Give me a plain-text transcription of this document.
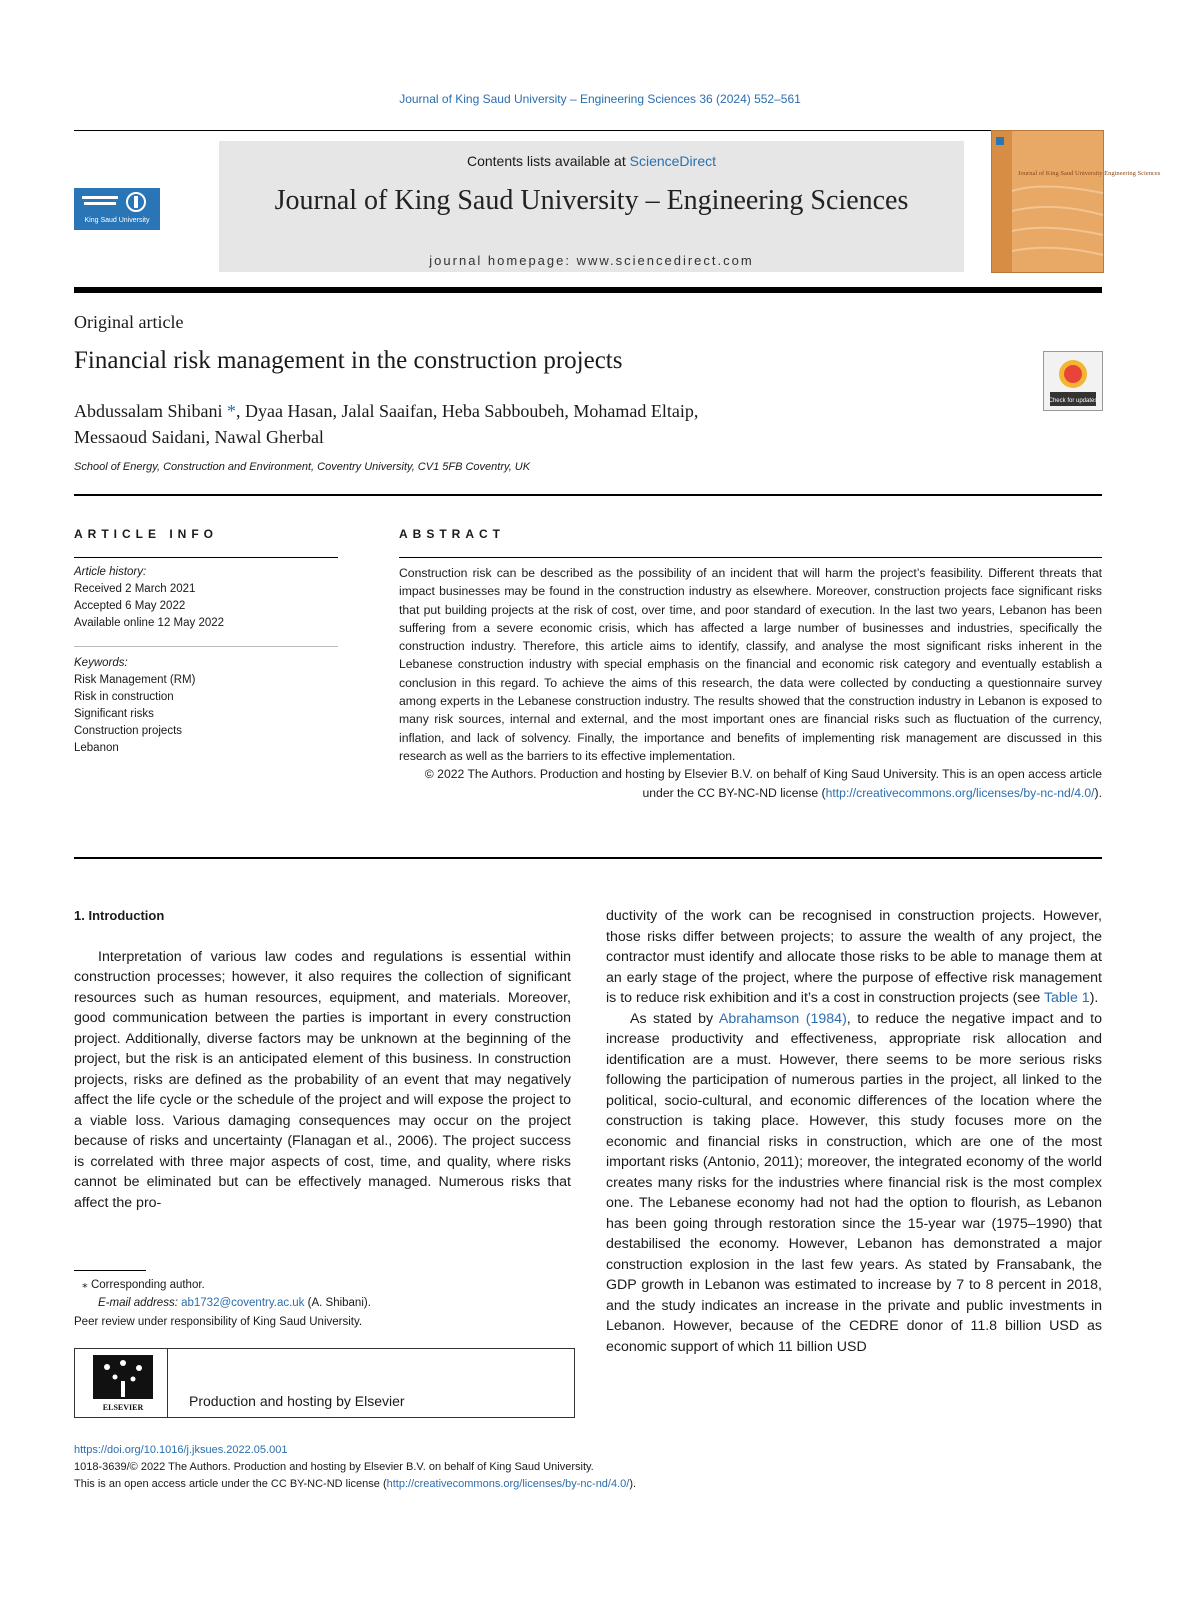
Journal of King Saud University – Engineering Sciences 36 (2024) 552–561
King Saud University
Contents lists available at ScienceDirect
Journal of King Saud University – Engineering Sciences
journal homepage: www.sciencedirect.com
Journal of King Saud University Engineering Sciences
Original article
Financial risk management in the construction projects
Check for updates
Abdussalam Shibani *, Dyaa Hasan, Jalal Saaifan, Heba Sabboubeh, Mohamad Eltaip,
Messaoud Saidani, Nawal Gherbal
School of Energy, Construction and Environment, Coventry University, CV1 5FB Coventry, UK
ARTICLE INFO
Article history:
Received 2 March 2021
Accepted 6 May 2022
Available online 12 May 2022
Keywords:
Risk Management (RM)
Risk in construction
Significant risks
Construction projects
Lebanon
ABSTRACT
Construction risk can be described as the possibility of an incident that will harm the project’s feasibility. Different threats that impact businesses may be found in the construction industry as elsewhere. Moreover, construction projects face significant risks that put building projects at the risk of cost, over time, and poor standard of execution. In the last two years, Lebanon has been suffering from a severe economic crisis, which has affected a large number of businesses and industries, specifically the construction industry. Therefore, this article aims to identify, classify, and analyse the most significant risks inherent in the Lebanese construction industry with special emphasis on the financial and economic risk category and eventually establish a conclusion in this regard. To achieve the aims of this research, the data were collected by conducting a questionnaire survey among experts in the Lebanese construction industry. The results showed that the construction industry in Lebanon is exposed to many risk sources, internal and external, and the most important ones are financial risks such as fluctuation of the currency, inflation, and lack of solvency. Finally, the importance and benefits of implementing risk management are discussed in this research as well as the barriers to its effective implementation.
© 2022 The Authors. Production and hosting by Elsevier B.V. on behalf of King Saud University. This is an open access article under the CC BY-NC-ND license (http://creativecommons.org/licenses/by-nc-nd/4.0/).

1. Introduction

Interpretation of various law codes and regulations is essential within construction processes; however, it also requires the collection of significant resources such as human resources, equipment, and materials. Moreover, good communication between the parties is important in every construction project. Additionally, diverse factors may be unknown at the beginning of the project, but the risk is an anticipated element of this business. In construction projects, risks are defined as the probability of an event that may negatively affect the life cycle or the schedule of the project and will expose the project to a viable loss. Various damaging consequences may occur on the project because of risks and uncertainty (Flanagan et al., 2006). The project success is correlated with three major aspects of cost, time, and quality, where risks cannot be eliminated but can be effectively managed. Numerous risks that affect the pro-

⁎ Corresponding author.
E-mail address: ab1732@coventry.ac.uk (A. Shibani).
Peer review under responsibility of King Saud University.
ELSEVIER	Production and hosting by Elsevier

ductivity of the work can be recognised in construction projects. However, those risks differ between projects; to assure the wealth of any project, the contractor must identify and allocate those risks to be able to manage them at an early stage of the project, where the purpose of effective risk management is to reduce risk exhibition and it’s a cost in construction projects (see Table 1).

As stated by Abrahamson (1984), to reduce the negative impact and to increase productivity and effectiveness, appropriate risk allocation and identification are a must. However, there seems to be more serious risks following the participation of numerous parties in the project, all linked to the political, socio-cultural, and economic differences of the location where the construction is taking place. However, this study focuses more on the economic and financial risks in construction, which are one of the most important risks (Antonio, 2011); moreover, the integrated economy of the world creates many risks for the industries where financial risk is the most complex one. The Lebanese economy had not had the option to flourish, as Lebanon has been going through restoration since the 15-year war (1975–1990) that destabilised the economy. However, Lebanon has demonstrated a major construction explosion in the last few years. As stated by Fransabank, the GDP growth in Lebanon was estimated to increase by 7 to 8 percent in 2018, and the study indicates an increase in the private and public investments in Lebanon. However, because of the CEDRE donor of 11.8 billion USD as economic support of which 11 billion USD

https://doi.org/10.1016/j.jksues.2022.05.001
1018-3639/© 2022 The Authors. Production and hosting by Elsevier B.V. on behalf of King Saud University.
This is an open access article under the CC BY-NC-ND license (http://creativecommons.org/licenses/by-nc-nd/4.0/).
